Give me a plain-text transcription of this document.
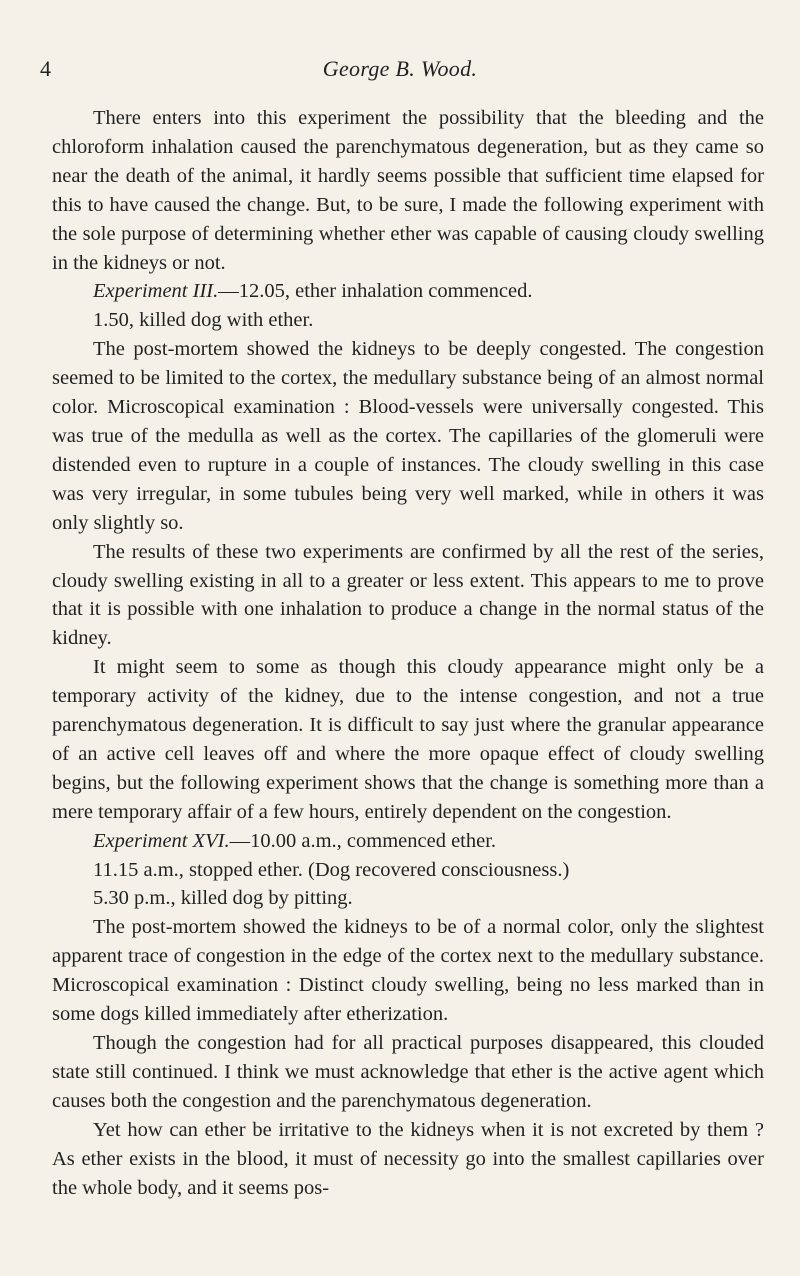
4	George B. Wood.

There enters into this experiment the possibility that the bleeding and the chloroform inhalation caused the parenchymatous degeneration, but as they came so near the death of the animal, it hardly seems possible that sufficient time elapsed for this to have caused the change. But, to be sure, I made the following experiment with the sole purpose of determining whether ether was capable of causing cloudy swelling in the kidneys or not.

Experiment III.—12.05, ether inhalation commenced.

1.50, killed dog with ether.

The post-mortem showed the kidneys to be deeply congested. The congestion seemed to be limited to the cortex, the medullary substance being of an almost normal color. Microscopical examination : Blood-vessels were universally congested. This was true of the medulla as well as the cortex. The capillaries of the glomeruli were distended even to rupture in a couple of instances. The cloudy swelling in this case was very irregular, in some tubules being very well marked, while in others it was only slightly so.

The results of these two experiments are confirmed by all the rest of the series, cloudy swelling existing in all to a greater or less extent. This appears to me to prove that it is possible with one inhalation to produce a change in the normal status of the kidney.

It might seem to some as though this cloudy appearance might only be a temporary activity of the kidney, due to the intense congestion, and not a true parenchymatous degeneration. It is difficult to say just where the granular appearance of an active cell leaves off and where the more opaque effect of cloudy swelling begins, but the following experiment shows that the change is something more than a mere temporary affair of a few hours, entirely dependent on the congestion.

Experiment XVI.—10.00 a.m., commenced ether.

11.15 a.m., stopped ether. (Dog recovered consciousness.)

5.30 p.m., killed dog by pitting.

The post-mortem showed the kidneys to be of a normal color, only the slightest apparent trace of congestion in the edge of the cortex next to the medullary substance. Microscopical examination : Distinct cloudy swelling, being no less marked than in some dogs killed immediately after etherization.

Though the congestion had for all practical purposes disappeared, this clouded state still continued. I think we must acknowledge that ether is the active agent which causes both the congestion and the parenchymatous degeneration.

Yet how can ether be irritative to the kidneys when it is not excreted by them ? As ether exists in the blood, it must of necessity go into the smallest capillaries over the whole body, and it seems pos-
